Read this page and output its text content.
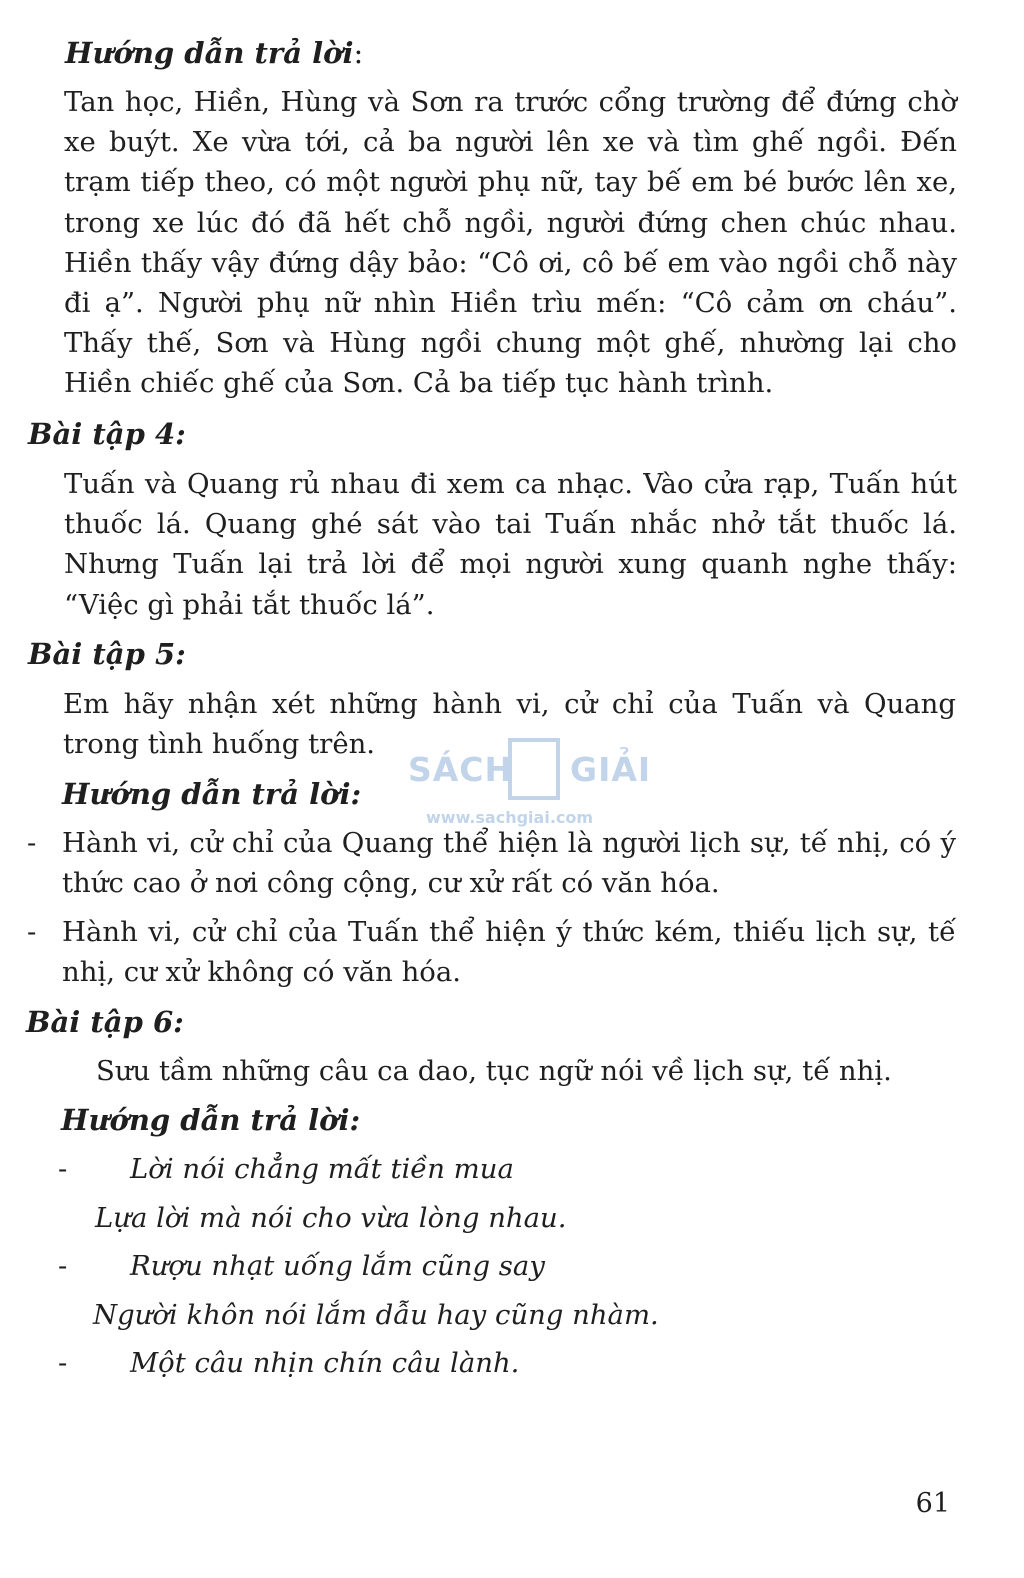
Hướng dẫn trả lời:
Tan học, Hiền, Hùng và Sơn ra trước cổng trường để đứng chờ xe buýt. Xe vừa tới, cả ba người lên xe và tìm ghế ngồi. Đến trạm tiếp theo, có một người phụ nữ, tay bế em bé bước lên xe, trong xe lúc đó đã hết chỗ ngồi, người đứng chen chúc nhau. Hiền thấy vậy đứng dậy bảo: “Cô ơi, cô bế em vào ngồi chỗ này đi ạ”. Người phụ nữ nhìn Hiền trìu mến: “Cô cảm ơn cháu”. Thấy thế, Sơn và Hùng ngồi chung một ghế, nhường lại cho Hiền chiếc ghế của Sơn. Cả ba tiếp tục hành trình.
Bài tập 4:
Tuấn và Quang rủ nhau đi xem ca nhạc. Vào cửa rạp, Tuấn hút thuốc lá. Quang ghé sát vào tai Tuấn nhắc nhở tắt thuốc lá. Nhưng Tuấn lại trả lời để mọi người xung quanh nghe thấy: “Việc gì phải tắt thuốc lá”.
Bài tập 5:
Em hãy nhận xét những hành vi, cử chỉ của Tuấn và Quang trong tình huống trên.
SÁCH GIẢI
www.sachgiai.com
Hướng dẫn trả lời:
- Hành vi, cử chỉ của Quang thể hiện là người lịch sự, tế nhị, có ý thức cao ở nơi công cộng, cư xử rất có văn hóa.
- Hành vi, cử chỉ của Tuấn thể hiện ý thức kém, thiếu lịch sự, tế nhị, cư xử không có văn hóa.
Bài tập 6:
Sưu tầm những câu ca dao, tục ngữ nói về lịch sự, tế nhị.
Hướng dẫn trả lời:
- Lời nói chẳng mất tiền mua
Lựa lời mà nói cho vừa lòng nhau.
- Rượu nhạt uống lắm cũng say
Người khôn nói lắm dẫu hay cũng nhàm.
- Một câu nhịn chín câu lành.
61
